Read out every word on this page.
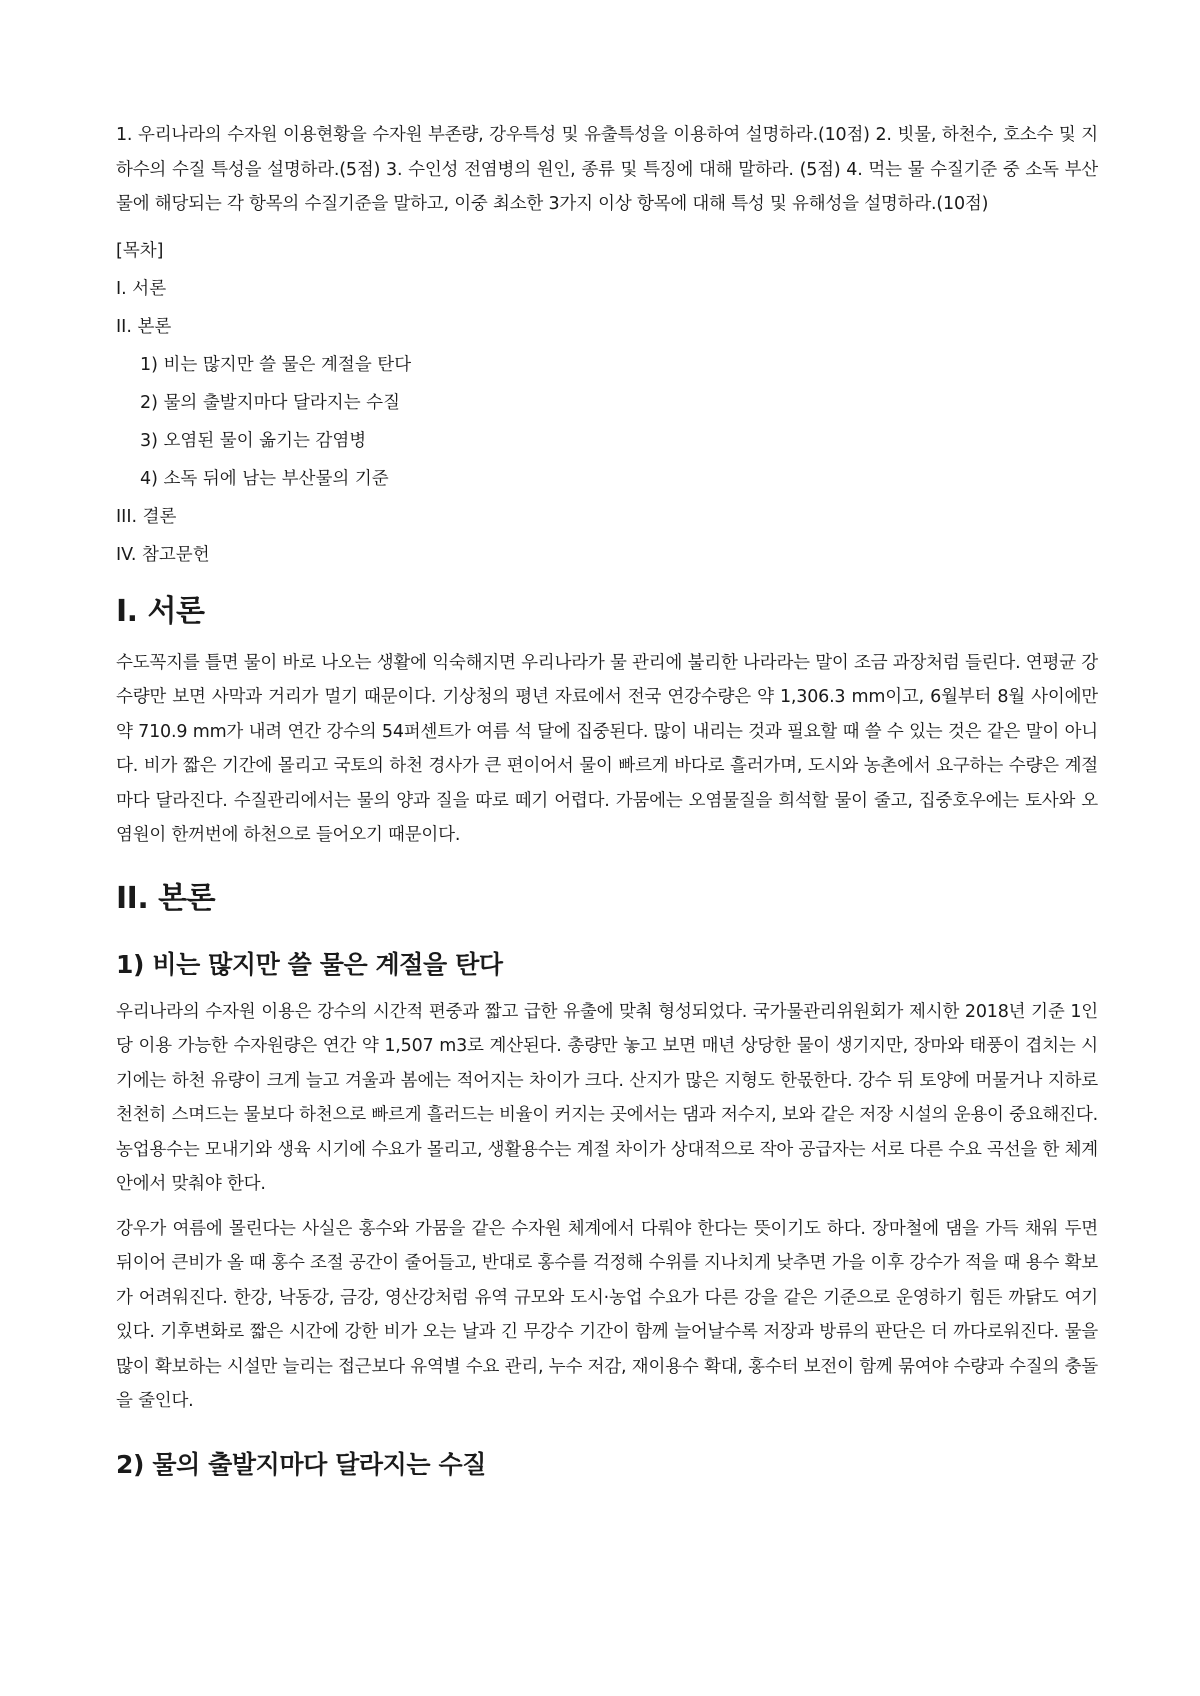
1. 우리나라의 수자원 이용현황을 수자원 부존량, 강우특성 및 유출특성을 이용하여 설명하라.(10점) 2. 빗물, 하천수, 호소수 및 지하수의 수질 특성을 설명하라.(5점) 3. 수인성 전염병의 원인, 종류 및 특징에 대해 말하라. (5점) 4. 먹는 물 수질기준 중 소독 부산물에 해당되는 각 항목의 수질기준을 말하고, 이중 최소한 3가지 이상 항목에 대해 특성 및 유해성을 설명하라.(10점)

[목차]

I. 서론

II. 본론

1) 비는 많지만 쓸 물은 계절을 탄다

2) 물의 출발지마다 달라지는 수질

3) 오염된 물이 옮기는 감염병

4) 소독 뒤에 남는 부산물의 기준

III. 결론

IV. 참고문헌

I. 서론

수도꼭지를 틀면 물이 바로 나오는 생활에 익숙해지면 우리나라가 물 관리에 불리한 나라라는 말이 조금 과장처럼 들린다. 연평균 강수량만 보면 사막과 거리가 멀기 때문이다. 기상청의 평년 자료에서 전국 연강수량은 약 1,306.3 mm이고, 6월부터 8월 사이에만 약 710.9 mm가 내려 연간 강수의 54퍼센트가 여름 석 달에 집중된다. 많이 내리는 것과 필요할 때 쓸 수 있는 것은 같은 말이 아니다. 비가 짧은 기간에 몰리고 국토의 하천 경사가 큰 편이어서 물이 빠르게 바다로 흘러가며, 도시와 농촌에서 요구하는 수량은 계절마다 달라진다. 수질관리에서는 물의 양과 질을 따로 떼기 어렵다. 가뭄에는 오염물질을 희석할 물이 줄고, 집중호우에는 토사와 오염원이 한꺼번에 하천으로 들어오기 때문이다.

II. 본론
1) 비는 많지만 쓸 물은 계절을 탄다

우리나라의 수자원 이용은 강수의 시간적 편중과 짧고 급한 유출에 맞춰 형성되었다. 국가물관리위원회가 제시한 2018년 기준 1인당 이용 가능한 수자원량은 연간 약 1,507 m3로 계산된다. 총량만 놓고 보면 매년 상당한 물이 생기지만, 장마와 태풍이 겹치는 시기에는 하천 유량이 크게 늘고 겨울과 봄에는 적어지는 차이가 크다. 산지가 많은 지형도 한몫한다. 강수 뒤 토양에 머물거나 지하로 천천히 스며드는 물보다 하천으로 빠르게 흘러드는 비율이 커지는 곳에서는 댐과 저수지, 보와 같은 저장 시설의 운용이 중요해진다. 농업용수는 모내기와 생육 시기에 수요가 몰리고, 생활용수는 계절 차이가 상대적으로 작아 공급자는 서로 다른 수요 곡선을 한 체계 안에서 맞춰야 한다.

강우가 여름에 몰린다는 사실은 홍수와 가뭄을 같은 수자원 체계에서 다뤄야 한다는 뜻이기도 하다. 장마철에 댐을 가득 채워 두면 뒤이어 큰비가 올 때 홍수 조절 공간이 줄어들고, 반대로 홍수를 걱정해 수위를 지나치게 낮추면 가을 이후 강수가 적을 때 용수 확보가 어려워진다. 한강, 낙동강, 금강, 영산강처럼 유역 규모와 도시·농업 수요가 다른 강을 같은 기준으로 운영하기 힘든 까닭도 여기 있다. 기후변화로 짧은 시간에 강한 비가 오는 날과 긴 무강수 기간이 함께 늘어날수록 저장과 방류의 판단은 더 까다로워진다. 물을 많이 확보하는 시설만 늘리는 접근보다 유역별 수요 관리, 누수 저감, 재이용수 확대, 홍수터 보전이 함께 묶여야 수량과 수질의 충돌을 줄인다.

2) 물의 출발지마다 달라지는 수질
